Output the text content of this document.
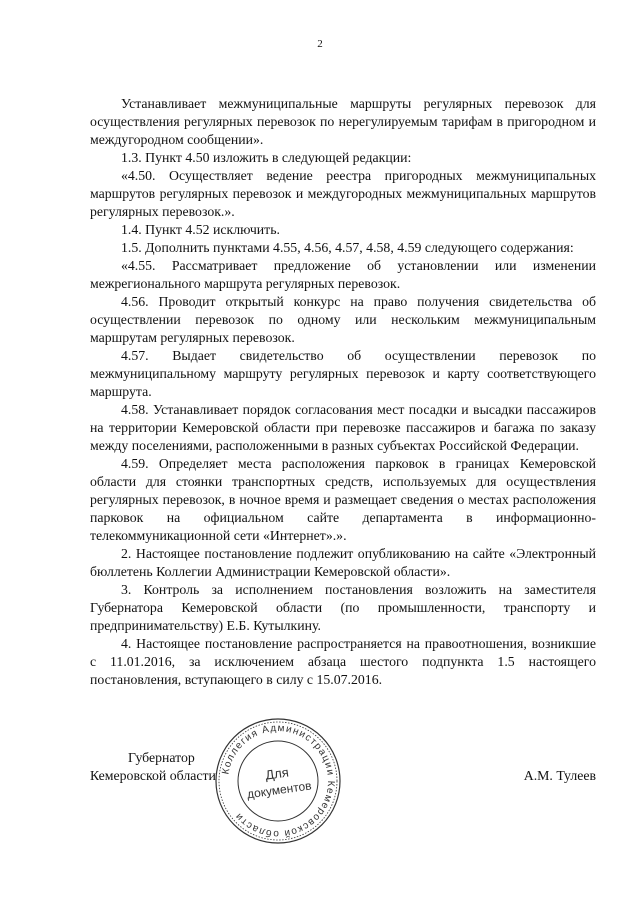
2

Устанавливает межмуниципальные маршруты регулярных перевозок для осуществления регулярных перевозок по нерегулируемым тарифам в пригородном и междугородном сообщении».

1.3. Пункт 4.50 изложить в следующей редакции:

«4.50. Осуществляет ведение реестра пригородных межмуниципальных маршрутов регулярных перевозок и междугородных межмуниципальных маршрутов регулярных перевозок.».

1.4. Пункт 4.52 исключить.

1.5. Дополнить пунктами 4.55, 4.56, 4.57, 4.58, 4.59 следующего содержания:

«4.55. Рассматривает предложение об установлении или изменении межрегионального маршрута регулярных перевозок.

4.56. Проводит открытый конкурс на право получения свидетельства об осуществлении перевозок по одному или нескольким межмуниципальным маршрутам регулярных перевозок.

4.57. Выдает свидетельство об осуществлении перевозок по межмуниципальному маршруту регулярных перевозок и карту соответствующего маршрута.

4.58. Устанавливает порядок согласования мест посадки и высадки пассажиров на территории Кемеровской области при перевозке пассажиров и багажа по заказу между поселениями, расположенными в разных субъектах Российской Федерации.

4.59. Определяет места расположения парковок в границах Кемеровской области для стоянки транспортных средств, используемых для осуществления регулярных перевозок, в ночное время и размещает сведения о местах расположения парковок на официальном сайте департамента в информационно-телекоммуникационной сети «Интернет».».

2. Настоящее постановление подлежит опубликованию на сайте «Электронный бюллетень Коллегии Администрации Кемеровской области».

3. Контроль за исполнением постановления возложить на заместителя Губернатора Кемеровской области (по промышленности, транспорту и предпринимательству) Е.Б. Кутылкину.

4. Настоящее постановление распространяется на правоотношения, возникшие с 11.01.2016, за исключением абзаца шестого подпункта 1.5 настоящего постановления, вступающего в силу с 15.07.2016.

Губернатор
Кемеровской области	А.М. Тулеев
Коллегия Администрации Кемеровской области
Для
документов
